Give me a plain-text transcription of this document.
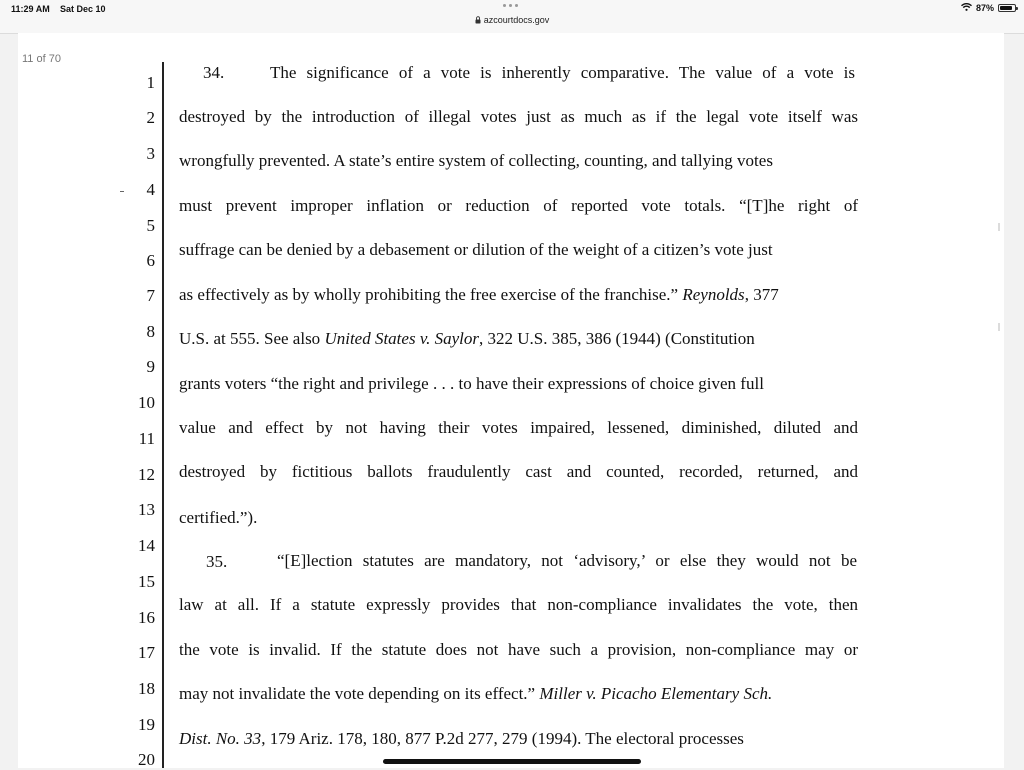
11:29 AM Sat Dec 10
azcourtdocs.gov
87%
11 of 70
1
2
3
4
5
6
7
8
9
10
11
12
13
14
15
16
17
18
19
20
34.	The significance of a vote is inherently comparative. The value of a vote is
destroyed by the introduction of illegal votes just as much as if the legal vote itself was
wrongfully prevented. A state’s entire system of collecting, counting, and tallying votes
must prevent improper inflation or reduction of reported vote totals. “[T]he right of
suffrage can be denied by a debasement or dilution of the weight of a citizen’s vote just
as effectively as by wholly prohibiting the free exercise of the franchise.” Reynolds, 377
U.S. at 555. See also United States v. Saylor, 322 U.S. 385, 386 (1944) (Constitution
grants voters “the right and privilege . . . to have their expressions of choice given full
value and effect by not having their votes impaired, lessened, diminished, diluted and
destroyed by fictitious ballots fraudulently cast and counted, recorded, returned, and
certified.”).
35.	“[E]lection statutes are mandatory, not ‘advisory,’ or else they would not be
law at all. If a statute expressly provides that non-compliance invalidates the vote, then
the vote is invalid. If the statute does not have such a provision, non-compliance may or
may not invalidate the vote depending on its effect.” Miller v. Picacho Elementary Sch.
Dist. No. 33, 179 Ariz. 178, 180, 877 P.2d 277, 279 (1994). The electoral processes
